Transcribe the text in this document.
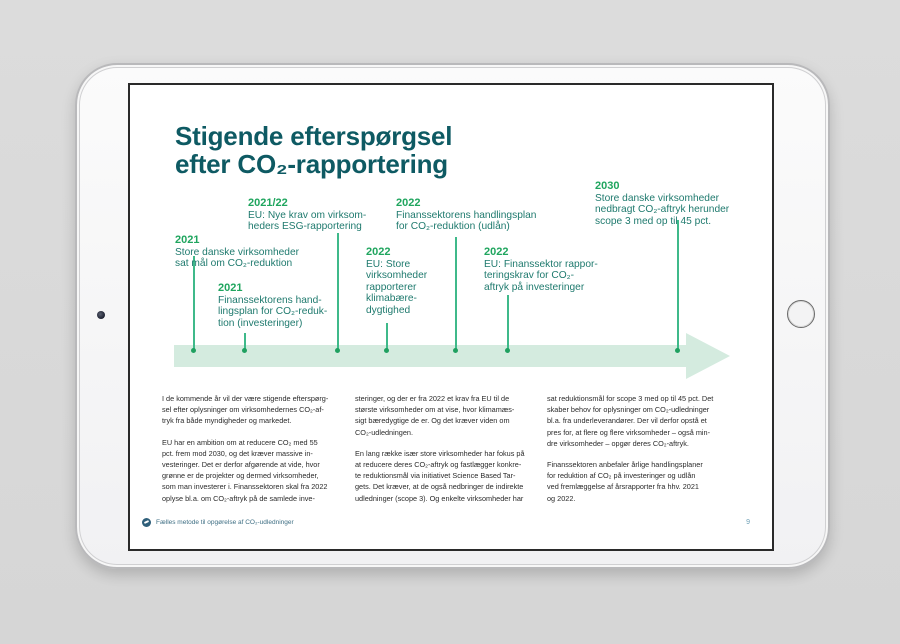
Stigende efterspørgsel
efter CO₂-rapportering
2021
Store danske virksomheder
sat mål om CO₂-reduktion
2021
Finanssektorens hand-
lingsplan for CO₂-reduk-
tion (investeringer)
2021/22
EU: Nye krav om virksom-
heders ESG-rapportering
2022
EU: Store
virksomheder
rapporterer
klimabære-
dygtighed
2022
Finanssektorens handlingsplan
for CO₂-reduktion (udlån)
2022
EU: Finanssektor rappor-
teringskrav for CO₂-
aftryk på investeringer
2030
Store danske virksomheder
nedbragt CO₂-aftryk herunder
scope 3 med op til 45 pct.

I de kommende år vil der være stigende efterspørg-
sel efter oplysninger om virksomhedernes CO₂-af-
tryk fra både myndigheder og markedet.

EU har en ambition om at reducere CO₂ med 55
pct. frem mod 2030, og det kræver massive in-
vesteringer. Det er derfor afgørende at vide, hvor
grønne er de projekter og dermed virksomheder,
som man investerer i. Finanssektoren skal fra 2022
oplyse bl.a. om CO₂-aftryk på de samlede inve-

steringer, og der er fra 2022 et krav fra EU til de
største virksomheder om at vise, hvor klimamæs-
sigt bæredygtige de er. Og det kræver viden om
CO₂-udledningen.

En lang række især store virksomheder har fokus på
at reducere deres CO₂-aftryk og fastlægger konkre-
te reduktionsmål via initiativet Science Based Tar-
gets. Det kræver, at de også nedbringer de indirekte
udledninger (scope 3). Og enkelte virksomheder har

sat reduktionsmål for scope 3 med op til 45 pct. Det
skaber behov for oplysninger om CO₂-udledninger
bl.a. fra underleverandører. Der vil derfor opstå et
pres for, at flere og flere virksomheder – også min-
dre virksomheder – opgør deres CO₂-aftryk.

Finanssektoren anbefaler årlige handlingsplaner
for reduktion af CO₂ på investeringer og udlån
ved fremlæggelse af årsrapporter fra hhv. 2021
og 2022.

Fælles metode til opgørelse af CO₂-udledninger	9
